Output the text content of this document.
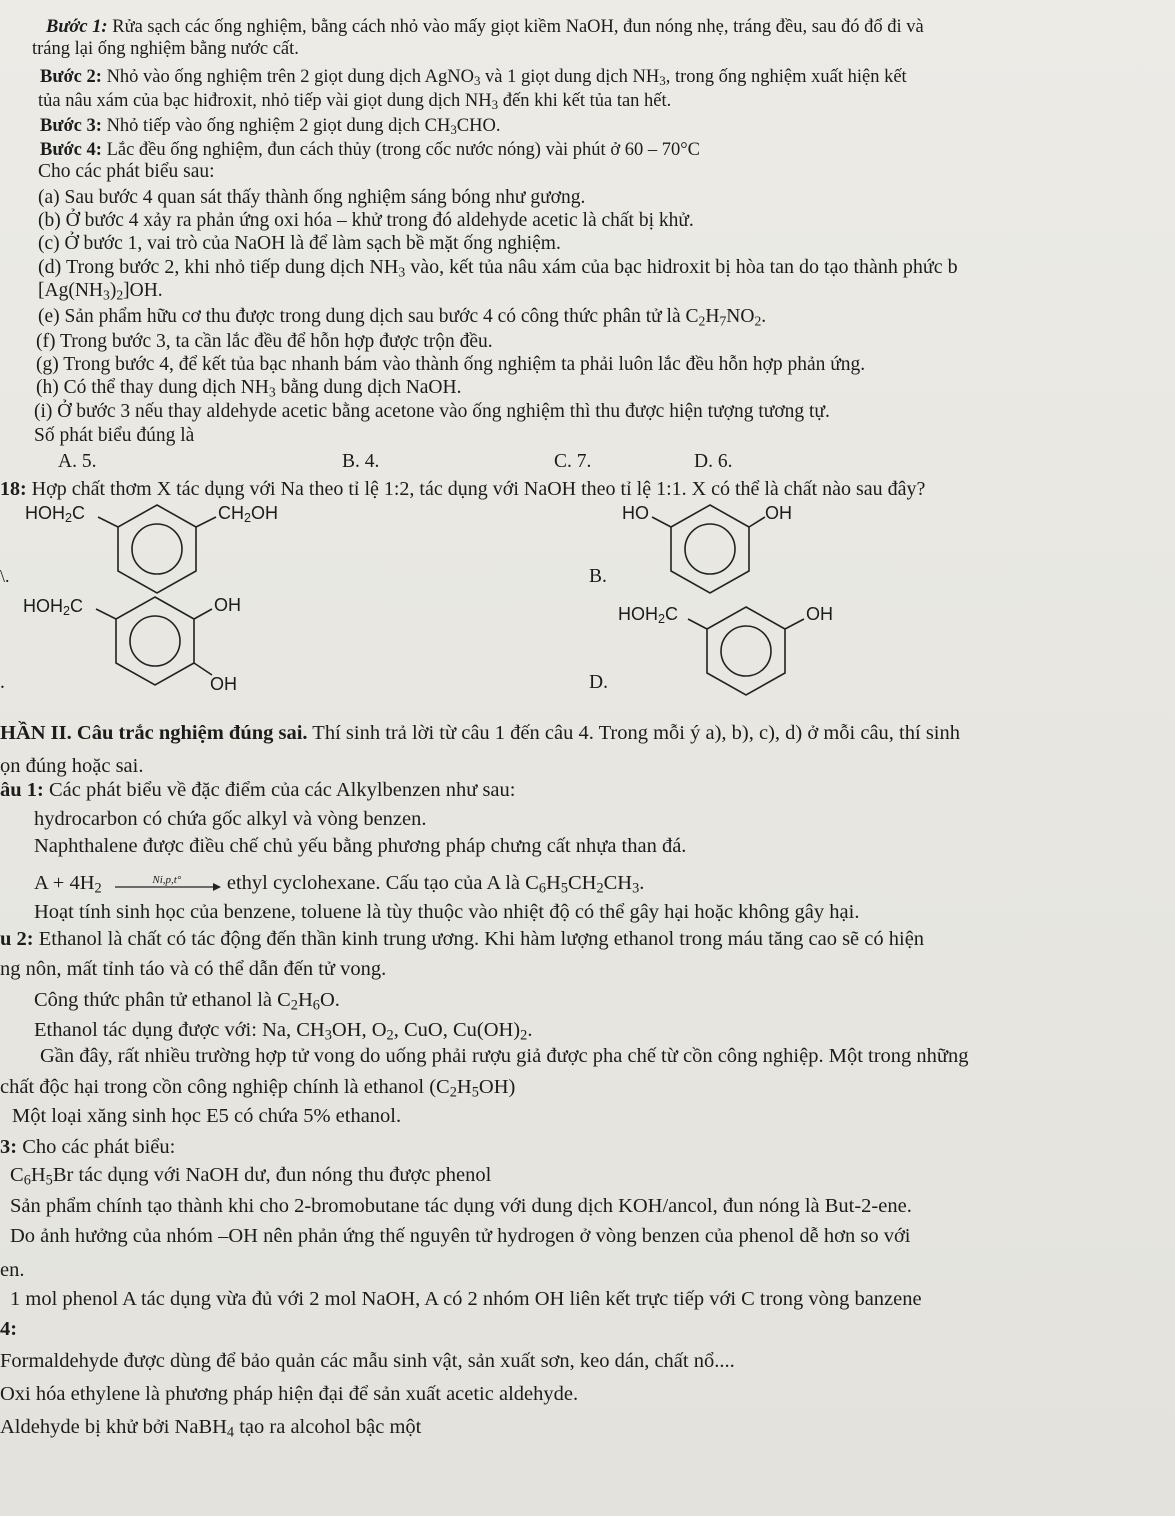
Bước 1: Rửa sạch các ống nghiệm, bằng cách nhỏ vào mấy giọt kiềm NaOH, đun nóng nhẹ, tráng đều, sau đó đổ đi và
tráng lại ống nghiệm bằng nước cất.
Bước 2: Nhỏ vào ống nghiệm trên 2 giọt dung dịch AgNO$_3$ và 1 giọt dung dịch $NH_3$, trong ống nghiệm xuất hiện kết
tủa nâu xám của bạc hiđroxit, nhỏ tiếp vài giọt dung dịch $NH_3$ đến khi kết tủa tan hết.
Bước 3: Nhỏ tiếp vào ống nghiệm 2 giọt dung dịch $CH_3CHO$.
Bước 4: Lắc đều ống nghiệm, đun cách thủy (trong cốc nước nóng) vài phút ở 60 – 70°C
Cho các phát biểu sau:
(a) Sau bước 4 quan sát thấy thành ống nghiệm sáng bóng như gương.
(b) Ở bước 4 xảy ra phản ứng oxi hóa – khử trong đó aldehyde acetic là chất bị khử.
(c) Ở bước 1, vai trò của NaOH là để làm sạch bề mặt ống nghiệm.
(d) Trong bước 2, khi nhỏ tiếp dung dịch $NH_3$ vào, kết tủa nâu xám của bạc hidroxit bị hòa tan do tạo thành phức b
$[Ag(NH_3)_2]OH$.
(e) Sản phẩm hữu cơ thu được trong dung dịch sau bước 4 có công thức phân tử là $C_2H_7NO_2$.
(f) Trong bước 3, ta cần lắc đều để hỗn hợp được trộn đều.
(g) Trong bước 4, để kết tủa bạc nhanh bám vào thành ống nghiệm ta phải luôn lắc đều hỗn hợp phản ứng.
(h) Có thể thay dung dịch $NH_3$ bằng dung dịch NaOH.
(i) Ở bước 3 nếu thay aldehyde acetic bằng acetone vào ống nghiệm thì thu được hiện tượng tương tự.
Số phát biểu đúng là
A. 5.	B. 4.	C. 7.	D. 6.
18: Hợp chất thơm X tác dụng với Na theo tỉ lệ 1:2, tác dụng với NaOH theo tỉ lệ 1:1. X có thể là chất nào sau đây?
$HOH_2C$	$CH_2OH$
\.
HO	OH
B.
$HOH_2C$	OH
OH
.
$HOH_2C$	OH
D.
HẦN II. Câu trắc nghiệm đúng sai. Thí sinh trả lời từ câu 1 đến câu 4. Trong mỗi ý a), b), c), d) ở mỗi câu, thí sinh
ọn đúng hoặc sai.
âu 1: Các phát biểu về đặc điểm của các Alkylbenzen như sau:
hydrocarbon có chứa gốc alkyl và vòng benzen.
Naphthalene được điều chế chủ yếu bằng phương pháp chưng cất nhựa than đá.
$A + 4H_2$
Ni,p,t°	ethyl cyclohexane. Cấu tạo của A là $C_6H_5CH_2CH_3$.
Hoạt tính sinh học của benzene, toluene là tùy thuộc vào nhiệt độ có thể gây hại hoặc không gây hại.
u 2: Ethanol là chất có tác động đến thần kinh trung ương. Khi hàm lượng ethanol trong máu tăng cao sẽ có hiện
ng nôn, mất tỉnh táo và có thể dẫn đến tử vong.
Công thức phân tử ethanol là $C_2H_6O$.
Ethanol tác dụng được với: Na, $CH_3OH$, $O_2$, CuO, $Cu(OH)_2$.
Gần đây, rất nhiều trường hợp tử vong do uống phải rượu giả được pha chế từ cồn công nghiệp. Một trong những
chất độc hại trong cồn công nghiệp chính là ethanol $(C_2H_5OH)$
Một loại xăng sinh học E5 có chứa 5% ethanol.
3: Cho các phát biểu:
$C_6H_5Br$ tác dụng với NaOH dư, đun nóng thu được phenol
Sản phẩm chính tạo thành khi cho 2-bromobutane tác dụng với dung dịch KOH/ancol, đun nóng là But-2-ene.
Do ảnh hưởng của nhóm –OH nên phản ứng thế nguyên tử hydrogen ở vòng benzen của phenol dễ hơn so với
en.
1 mol phenol A tác dụng vừa đủ với 2 mol NaOH, A có 2 nhóm OH liên kết trực tiếp với C trong vòng banzene
4:
Formaldehyde được dùng để bảo quản các mẫu sinh vật, sản xuất sơn, keo dán, chất nổ....
Oxi hóa ethylene là phương pháp hiện đại để sản xuất acetic aldehyde.
Aldehyde bị khử bởi NaBH$_4$ tạo ra alcohol bậc một
